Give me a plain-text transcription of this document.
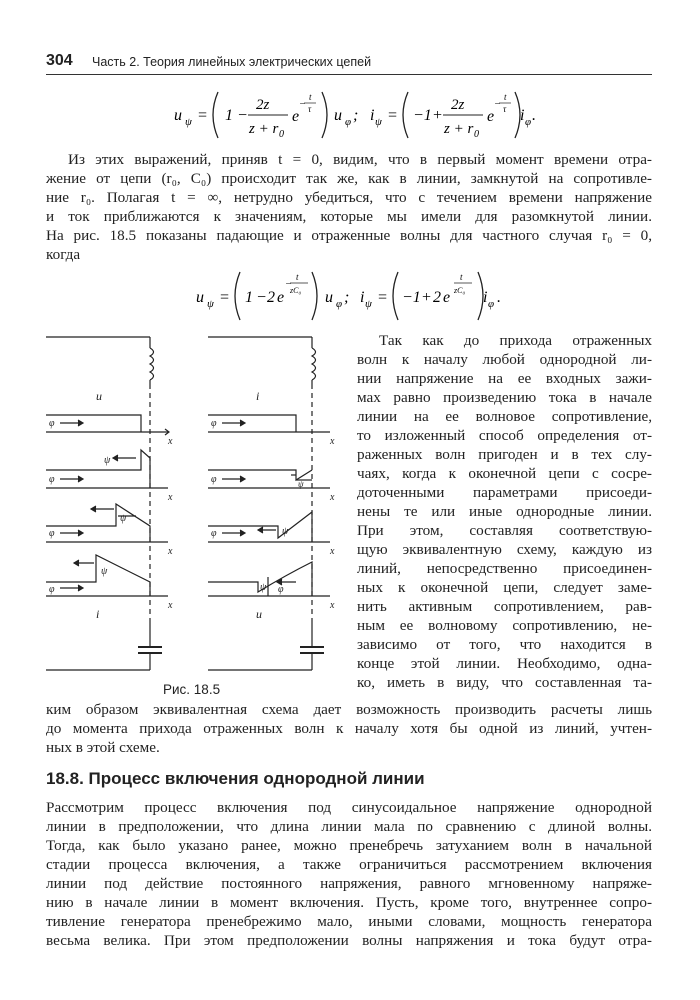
304 Часть 2. Теория линейных электрических цепей
u ψ = 1 −
2z
z + r 0
e
t
− τ u φ ; i ψ = −1 +
2z
z + r 0
e
t
− τ i φ .
Из этих выражений, приняв t = 0, видим, что в первый момент времени отра-
жение от цепи (r₀, C₀) происходит так же, как в линии, замкнутой на сопротивле-
ние r₀. Полагая t = ∞, нетрудно убедиться, что с течением времени напряжение
и ток приближаются к значениям, которые мы имели для разомкнутой линии.
На рис. 18.5 показаны падающие и отраженные волны для частного случая r₀ = 0,
когда
u ψ = 1 − 2 e
t
−
zC₀ u φ ; i ψ = −1 + 2 e
t
zC₀ i φ .
u
x
φ
ψ
φ
x
ψ
φ
x
ψ
φ
x
i
i
x
φ
ψ
φ
x
ψ
φ
x
ψ φ
x
u
Рис. 18.5
Так как до прихода отраженных
волн к началу любой однородной ли-
нии напряжение на ее входных зажи-
мах равно произведению тока в начале
линии на ее волновое сопротивление,
то изложенный способ определения от-
раженных волн пригоден и в тех слу-
чаях, когда к оконечной цепи с сосре-
доточенными параметрами присоеди-
нены те или иные однородные линии.
При этом, составляя соответствую-
щую эквивалентную схему, каждую из
линий, непосредственно присоединен-
ных к оконечной цепи, следует заме-
нить активным сопротивлением, рав-
ным ее волновому сопротивлению, не-
зависимо от того, что находится в
конце этой линии. Необходимо, одна-
ко, иметь в виду, что составленная та-
ким образом эквивалентная схема дает возможность производить расчеты лишь
до момента прихода отраженных волн к началу хотя бы одной из линий, учтен-
ных в этой схеме.
18.8. Процесс включения однородной линии
Рассмотрим процесс включения под синусоидальное напряжение однородной
линии в предположении, что длина линии мала по сравнению с длиной волны.
Тогда, как было указано ранее, можно пренебречь затуханием волн в начальной
стадии процесса включения, а также ограничиться рассмотрением включения
линии под действие постоянного напряжения, равного мгновенному напряже-
нию в начале линии в момент включения. Пусть, кроме того, внутреннее сопро-
тивление генератора пренебрежимо мало, иными словами, мощность генератора
весьма велика. При этом предположении волны напряжения и тока будут отра-
